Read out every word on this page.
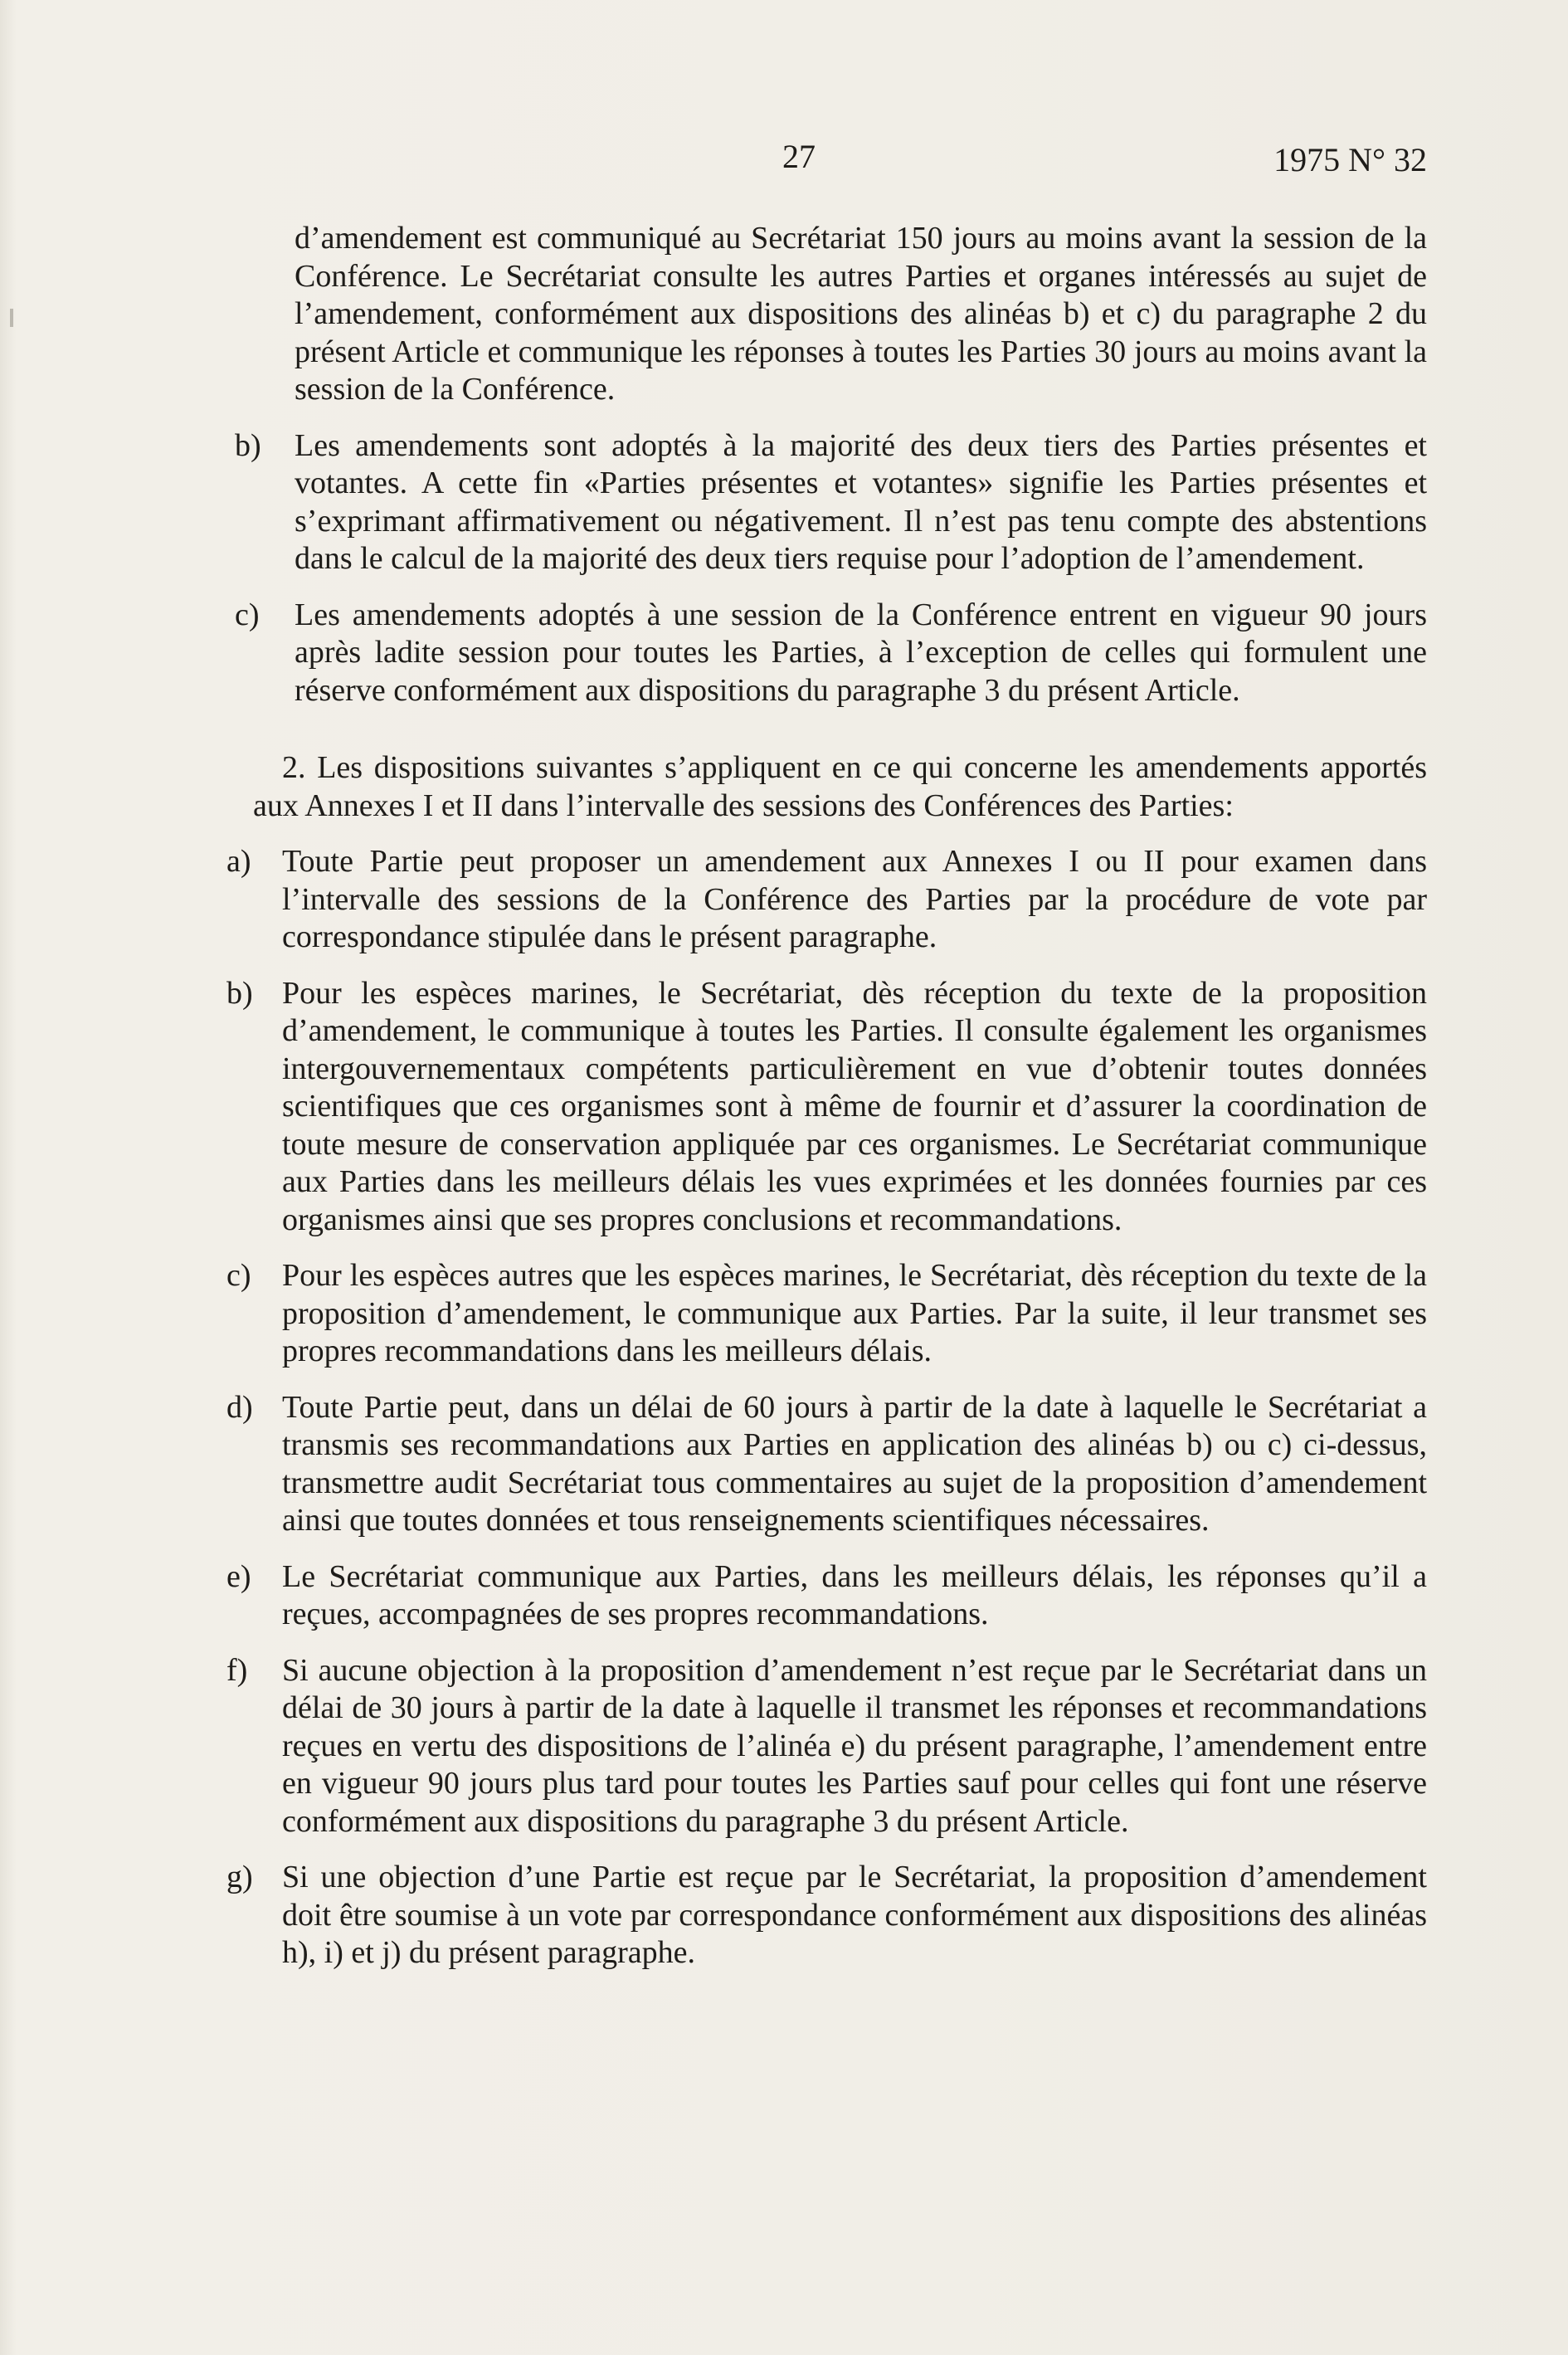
27	1975 N° 32
d’amendement est communiqué au Secrétariat 150 jours au moins avant la session de la Conférence. Le Secrétariat consulte les autres Parties et organes intéressés au sujet de l’amendement, conformément aux dispositions des alinéas b) et c) du paragraphe 2 du présent Article et communique les réponses à toutes les Parties 30 jours au moins avant la session de la Conférence.
b) Les amendements sont adoptés à la majorité des deux tiers des Parties présentes et votantes. A cette fin «Parties présentes et votantes» signifie les Parties présentes et s’exprimant affirmativement ou négativement. Il n’est pas tenu compte des abstentions dans le calcul de la majorité des deux tiers requise pour l’adoption de l’amendement.
c) Les amendements adoptés à une session de la Conférence entrent en vigueur 90 jours après ladite session pour toutes les Parties, à l’exception de celles qui formulent une réserve conformément aux dispositions du paragraphe 3 du présent Article.
2. Les dispositions suivantes s’appliquent en ce qui concerne les amendements apportés aux Annexes I et II dans l’intervalle des sessions des Conférences des Parties:
a) Toute Partie peut proposer un amendement aux Annexes I ou II pour examen dans l’intervalle des sessions de la Conférence des Parties par la procédure de vote par correspondance stipulée dans le présent paragraphe.
b) Pour les espèces marines, le Secrétariat, dès réception du texte de la proposition d’amendement, le communique à toutes les Parties. Il consulte également les organismes intergouvernementaux compétents particulièrement en vue d’obtenir toutes données scientifiques que ces organismes sont à même de fournir et d’assurer la coordination de toute mesure de conservation appliquée par ces organismes. Le Secrétariat communique aux Parties dans les meilleurs délais les vues exprimées et les données fournies par ces organismes ainsi que ses propres conclusions et recommandations.
c) Pour les espèces autres que les espèces marines, le Secrétariat, dès réception du texte de la proposition d’amendement, le communique aux Parties. Par la suite, il leur transmet ses propres recommandations dans les meilleurs délais.
d) Toute Partie peut, dans un délai de 60 jours à partir de la date à laquelle le Secrétariat a transmis ses recommandations aux Parties en application des alinéas b) ou c) ci-dessus, transmettre audit Secrétariat tous commentaires au sujet de la proposition d’amendement ainsi que toutes données et tous renseignements scientifiques nécessaires.
e) Le Secrétariat communique aux Parties, dans les meilleurs délais, les réponses qu’il a reçues, accompagnées de ses propres recommandations.
f) Si aucune objection à la proposition d’amendement n’est reçue par le Secrétariat dans un délai de 30 jours à partir de la date à laquelle il transmet les réponses et recommandations reçues en vertu des dispositions de l’alinéa e) du présent paragraphe, l’amendement entre en vigueur 90 jours plus tard pour toutes les Parties sauf pour celles qui font une réserve conformément aux dispositions du paragraphe 3 du présent Article.
g) Si une objection d’une Partie est reçue par le Secrétariat, la proposition d’amendement doit être soumise à un vote par correspondance conformément aux dispositions des alinéas h), i) et j) du présent paragraphe.
